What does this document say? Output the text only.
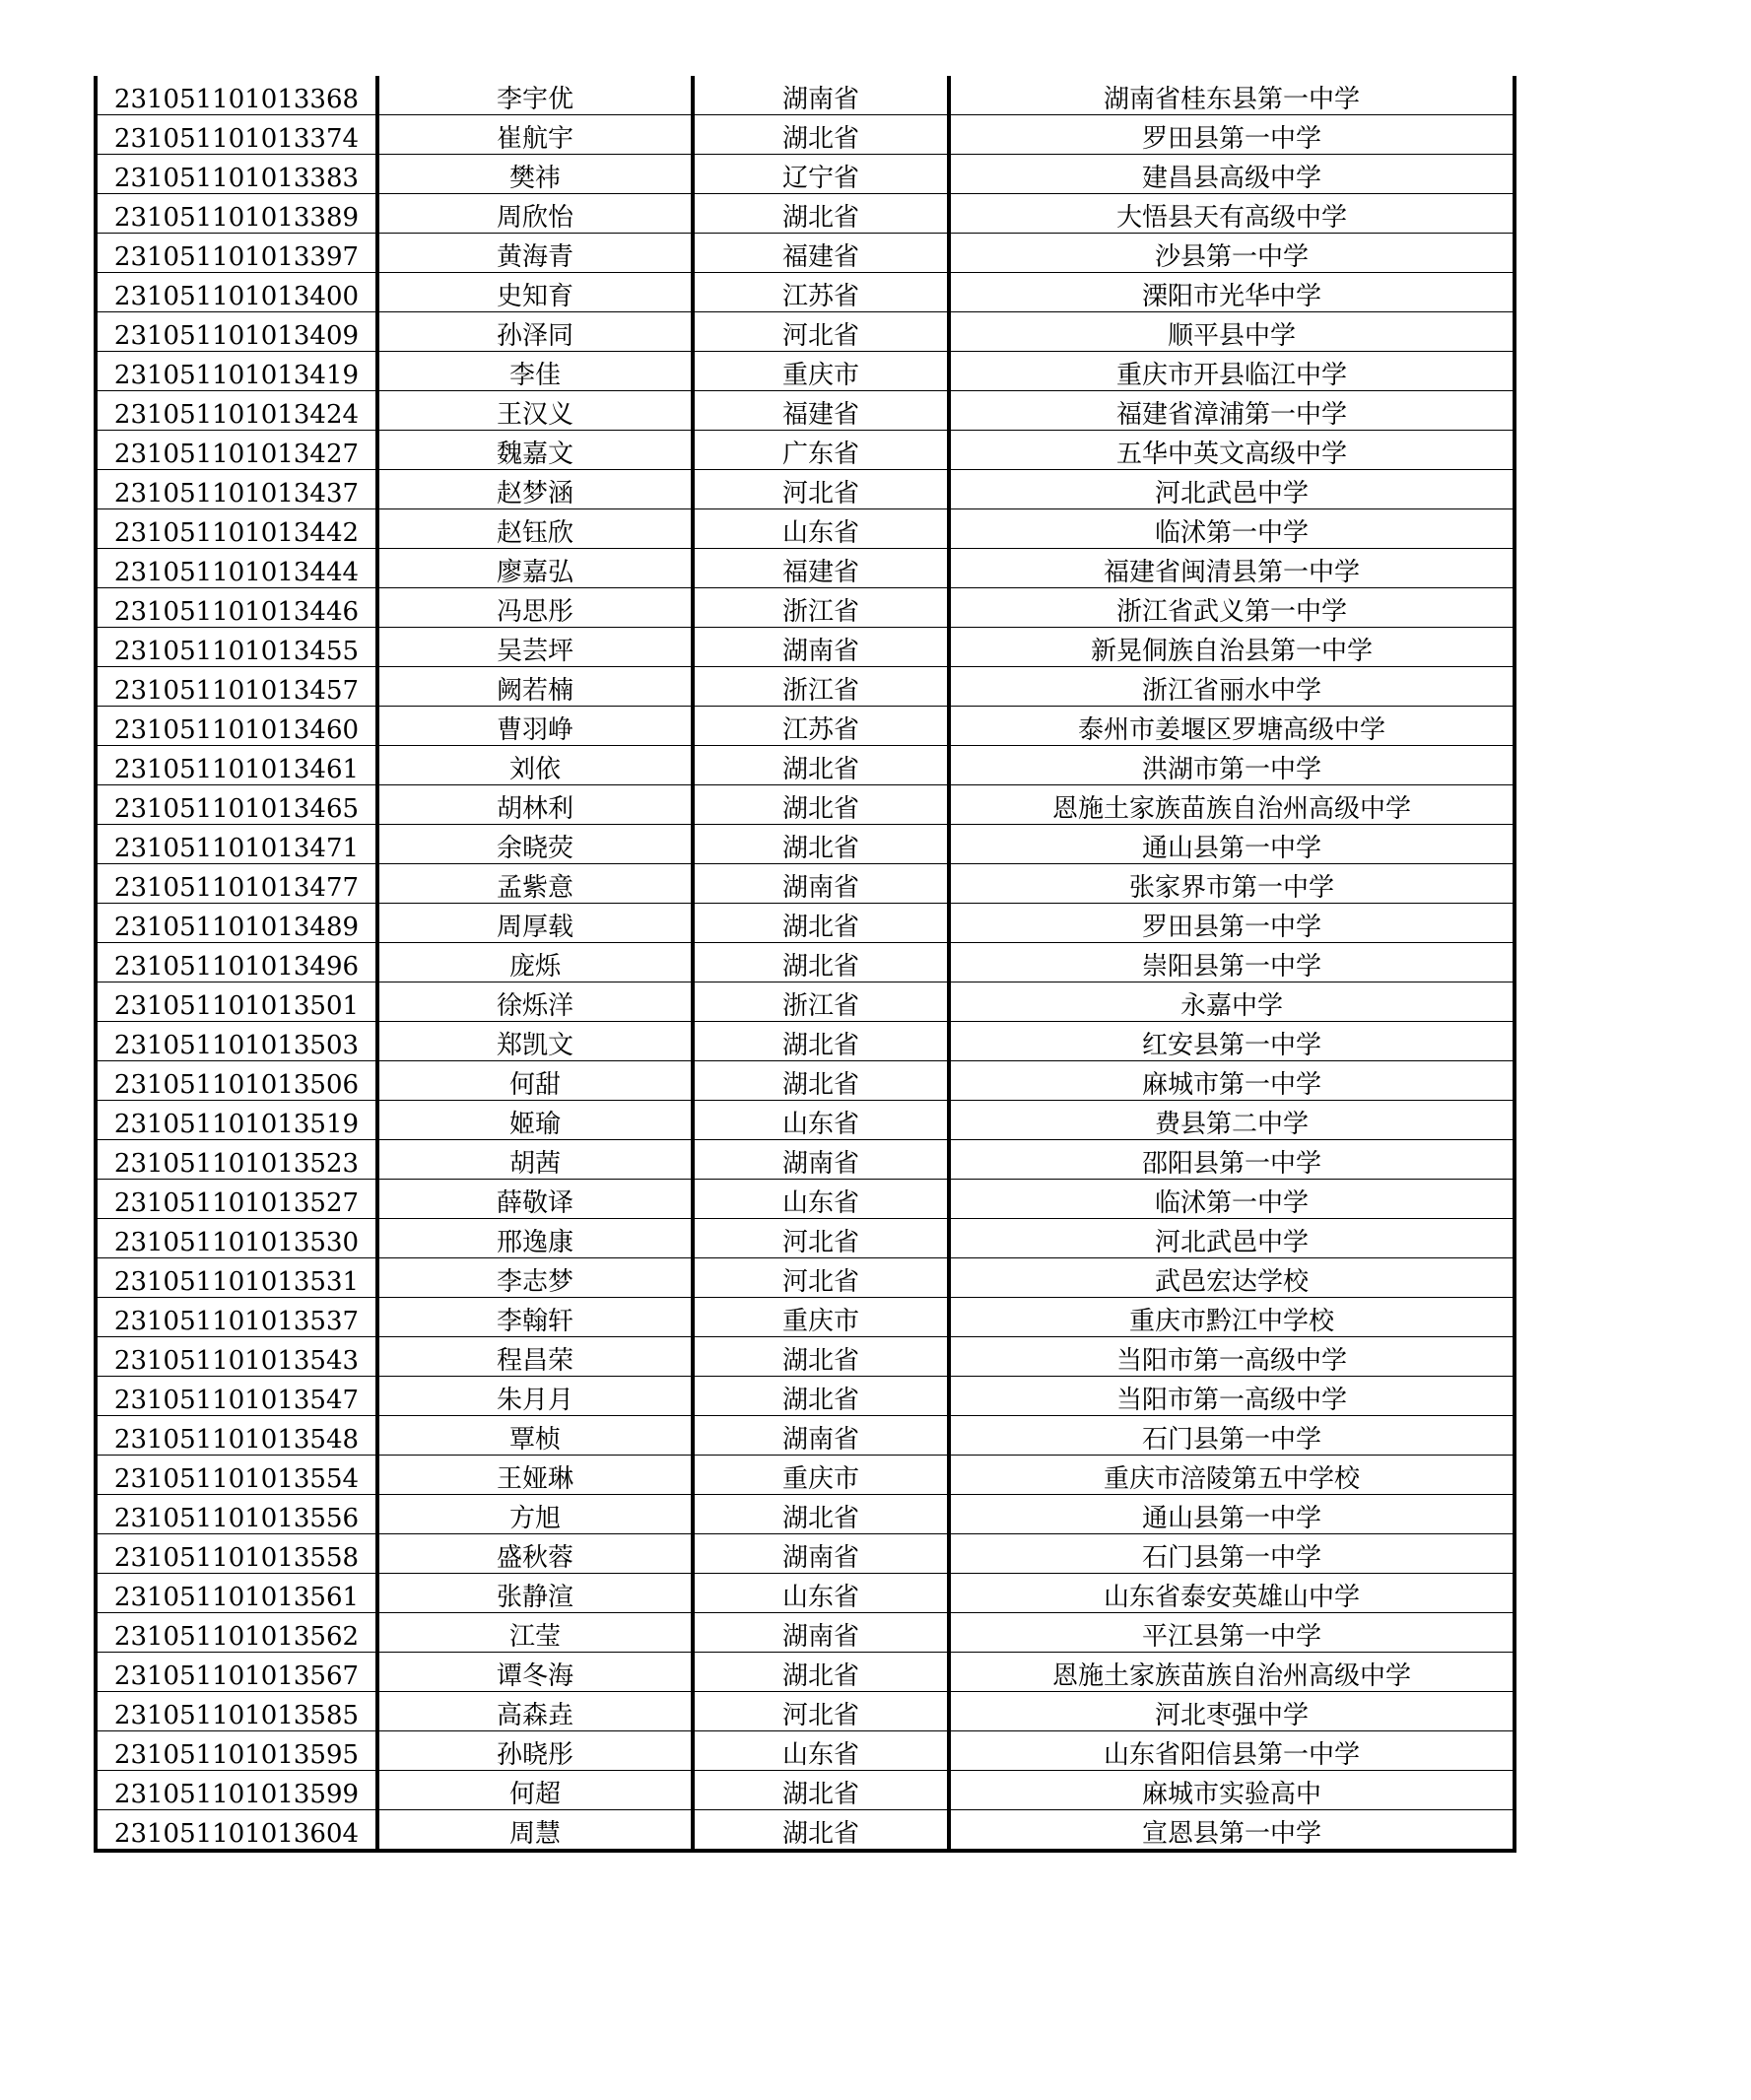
231051101013368	李宇优	湖南省	湖南省桂东县第一中学
231051101013374	崔航宇	湖北省	罗田县第一中学
231051101013383	樊祎	辽宁省	建昌县高级中学
231051101013389	周欣怡	湖北省	大悟县天有高级中学
231051101013397	黄海青	福建省	沙县第一中学
231051101013400	史知育	江苏省	溧阳市光华中学
231051101013409	孙泽同	河北省	顺平县中学
231051101013419	李佳	重庆市	重庆市开县临江中学
231051101013424	王汉义	福建省	福建省漳浦第一中学
231051101013427	魏嘉文	广东省	五华中英文高级中学
231051101013437	赵梦涵	河北省	河北武邑中学
231051101013442	赵钰欣	山东省	临沭第一中学
231051101013444	廖嘉弘	福建省	福建省闽清县第一中学
231051101013446	冯思彤	浙江省	浙江省武义第一中学
231051101013455	吴芸坪	湖南省	新晃侗族自治县第一中学
231051101013457	阙若楠	浙江省	浙江省丽水中学
231051101013460	曹羽峥	江苏省	泰州市姜堰区罗塘高级中学
231051101013461	刘依	湖北省	洪湖市第一中学
231051101013465	胡林利	湖北省	恩施土家族苗族自治州高级中学
231051101013471	余晓荧	湖北省	通山县第一中学
231051101013477	孟紫意	湖南省	张家界市第一中学
231051101013489	周厚载	湖北省	罗田县第一中学
231051101013496	庞烁	湖北省	崇阳县第一中学
231051101013501	徐烁洋	浙江省	永嘉中学
231051101013503	郑凯文	湖北省	红安县第一中学
231051101013506	何甜	湖北省	麻城市第一中学
231051101013519	姬瑜	山东省	费县第二中学
231051101013523	胡茜	湖南省	邵阳县第一中学
231051101013527	薛敬译	山东省	临沭第一中学
231051101013530	邢逸康	河北省	河北武邑中学
231051101013531	李志梦	河北省	武邑宏达学校
231051101013537	李翰轩	重庆市	重庆市黔江中学校
231051101013543	程昌荣	湖北省	当阳市第一高级中学
231051101013547	朱月月	湖北省	当阳市第一高级中学
231051101013548	覃桢	湖南省	石门县第一中学
231051101013554	王娅琳	重庆市	重庆市涪陵第五中学校
231051101013556	方旭	湖北省	通山县第一中学
231051101013558	盛秋蓉	湖南省	石门县第一中学
231051101013561	张静渲	山东省	山东省泰安英雄山中学
231051101013562	江莹	湖南省	平江县第一中学
231051101013567	谭冬海	湖北省	恩施土家族苗族自治州高级中学
231051101013585	高森垚	河北省	河北枣强中学
231051101013595	孙晓彤	山东省	山东省阳信县第一中学
231051101013599	何超	湖北省	麻城市实验高中
231051101013604	周慧	湖北省	宣恩县第一中学
